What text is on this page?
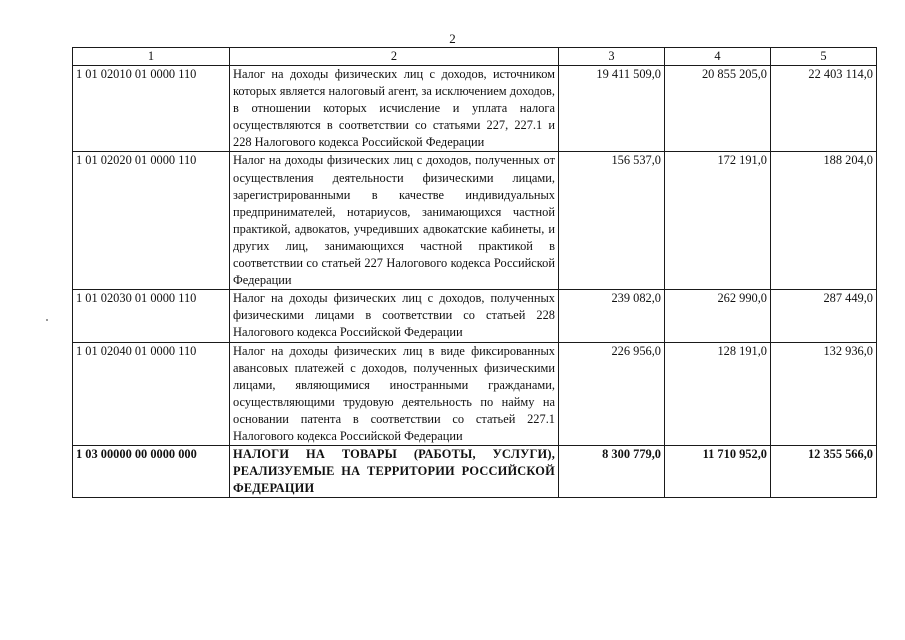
2
1	2	3	4	5
1 01 02010 01 0000 110	Налог на доходы физических лиц с доходов, источником которых является налоговый агент, за исключением доходов, в отношении которых исчисление и уплата налога осуществляются в соответствии со статьями 227, 227.1 и 228 Налогового кодекса Российской Федерации	19 411 509,0	20 855 205,0	22 403 114,0
1 01 02020 01 0000 110	Налог на доходы физических лиц с доходов, полученных от осуществления деятельности физическими лицами, зарегистрированными в качестве индивидуальных предпринимателей, нотариусов, занимающихся частной практикой, адвокатов, учредивших адвокатские кабинеты, и других лиц, занимающихся частной практикой в соответствии со статьей 227 Налогового кодекса Российской Федерации	156 537,0	172 191,0	188 204,0
1 01 02030 01 0000 110	Налог на доходы физических лиц с доходов, полученных физическими лицами в соответствии со статьей 228 Налогового кодекса Российской Федерации	239 082,0	262 990,0	287 449,0
1 01 02040 01 0000 110	Налог на доходы физических лиц в виде фиксированных авансовых платежей с доходов, полученных физическими лицами, являющимися иностранными гражданами, осуществляющими трудовую деятельность по найму на основании патента в соответствии со статьей 227.1 Налогового кодекса Российской Федерации	226 956,0	128 191,0	132 936,0
1 03 00000 00 0000 000	НАЛОГИ НА ТОВАРЫ (РАБОТЫ, УСЛУГИ), РЕАЛИЗУЕМЫЕ НА ТЕРРИТОРИИ РОССИЙСКОЙ ФЕДЕРАЦИИ	8 300 779,0	11 710 952,0	12 355 566,0
